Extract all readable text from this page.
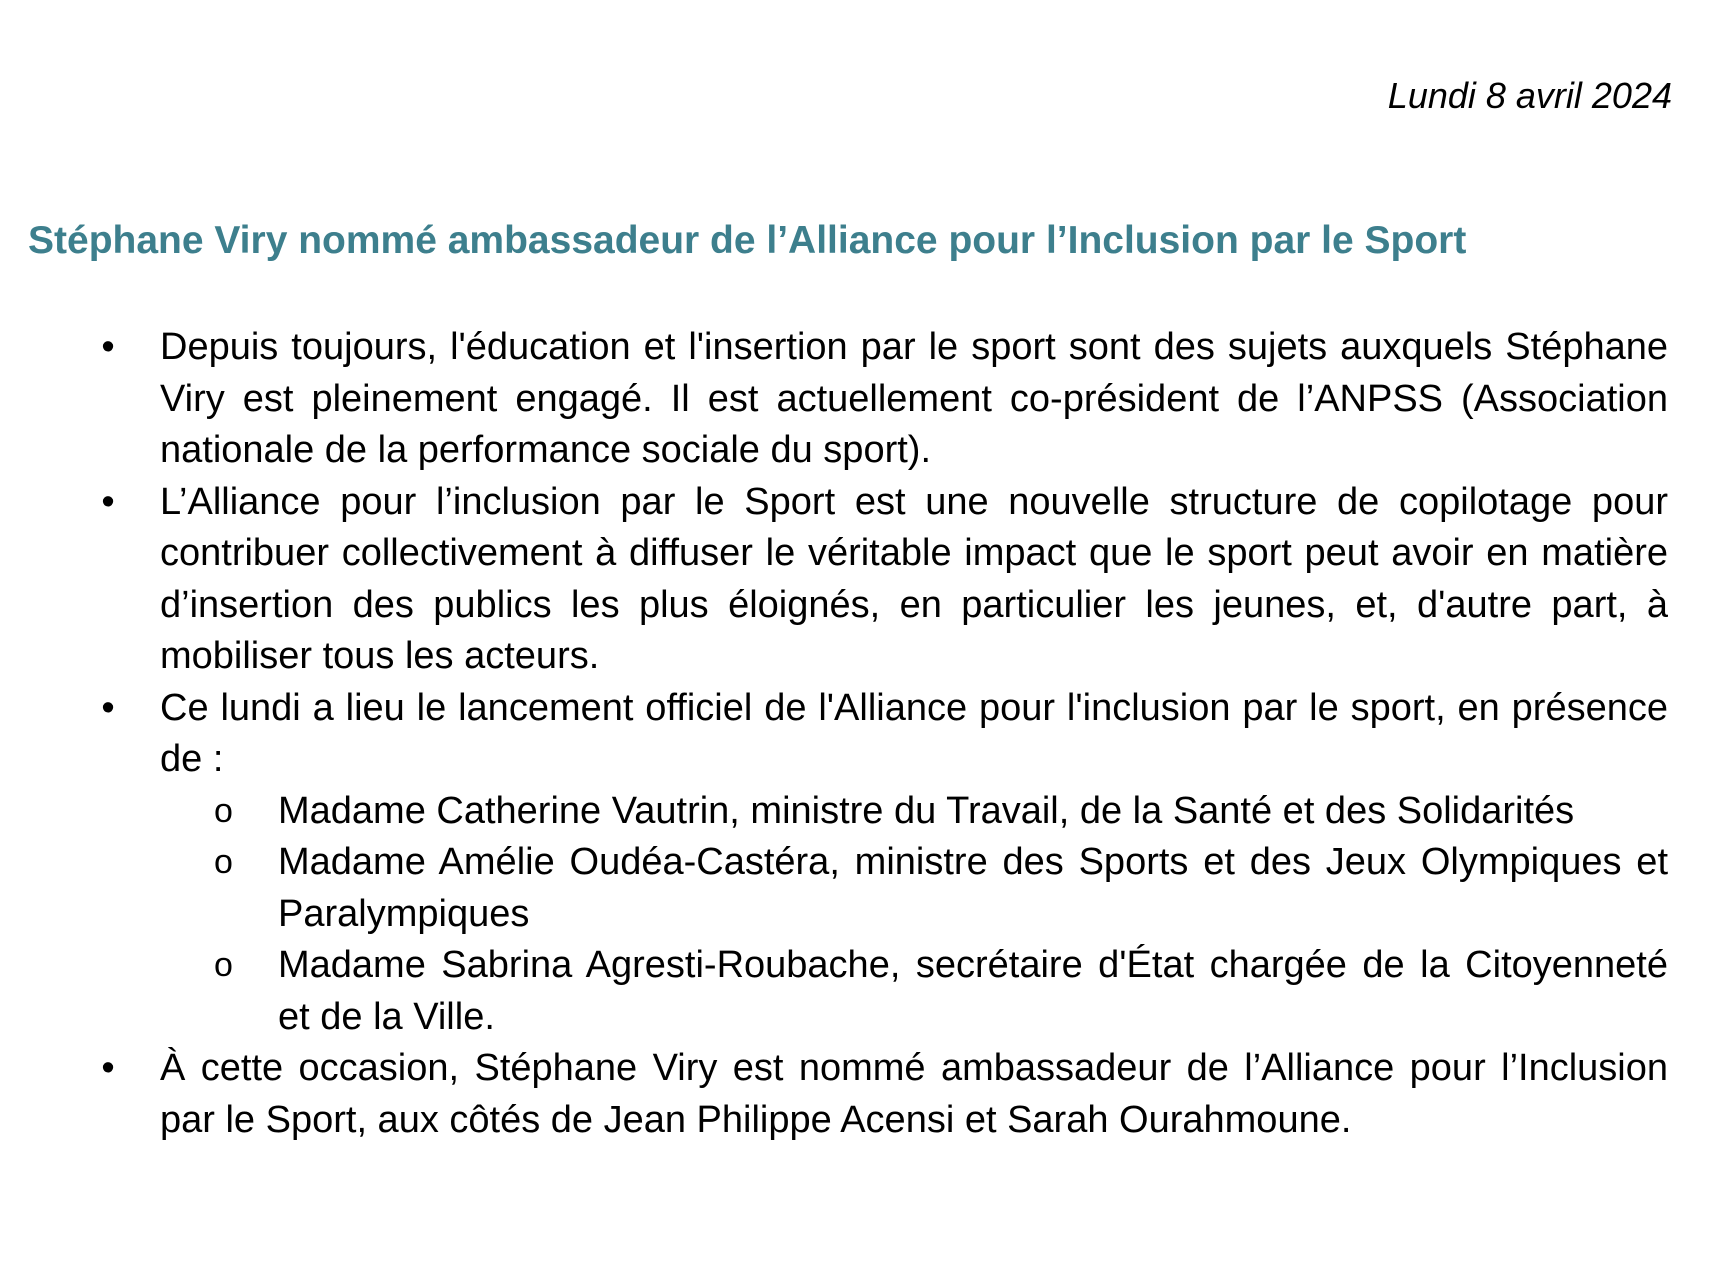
Lundi 8 avril 2024
Stéphane Viry nommé ambassadeur de l’Alliance pour l’Inclusion par le Sport
• Depuis toujours, l'éducation et l'insertion par le sport sont des sujets auxquels Stéphane Viry est pleinement engagé. Il est actuellement co-président de l’ANPSS (Association nationale de la performance sociale du sport).
• L’Alliance pour l’inclusion par le Sport est une nouvelle structure de copilotage pour contribuer collectivement à diffuser le véritable impact que le sport peut avoir en matière d’insertion des publics les plus éloignés, en particulier les jeunes, et, d'autre part, à mobiliser tous les acteurs.
• Ce lundi a lieu le lancement officiel de l'Alliance pour l'inclusion par le sport, en présence de :
o Madame Catherine Vautrin, ministre du Travail, de la Santé et des Solidarités
o Madame Amélie Oudéa-Castéra, ministre des Sports et des Jeux Olympiques et Paralympiques
o Madame Sabrina Agresti-Roubache, secrétaire d'État chargée de la Citoyenneté et de la Ville.
• À cette occasion, Stéphane Viry est nommé ambassadeur de l’Alliance pour l’Inclusion par le Sport, aux côtés de Jean Philippe Acensi et Sarah Ourahmoune.
